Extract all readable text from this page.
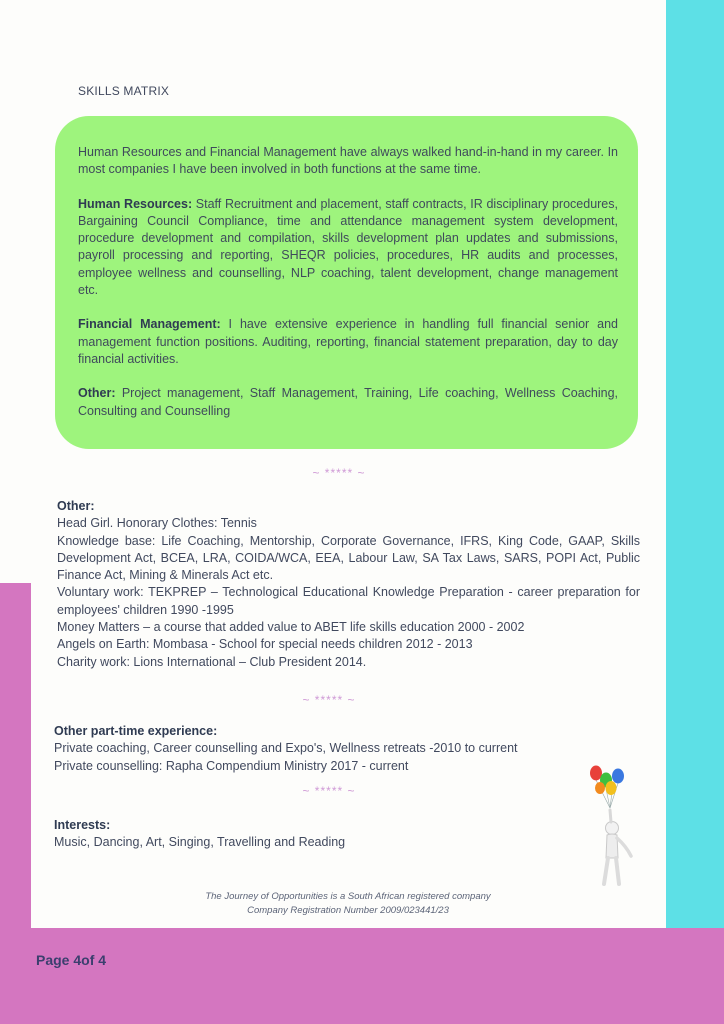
Page 4of 4
SKILLS MATRIX

Human Resources and Financial Management have always walked hand-in-hand in my career. In most companies I have been involved in both functions at the same time.

Human Resources: Staff Recruitment and placement, staff contracts, IR disciplinary procedures, Bargaining Council Compliance, time and attendance management system development, procedure development and compilation, skills development plan updates and submissions, payroll processing and reporting, SHEQR policies, procedures, HR audits and processes, employee wellness and counselling, NLP coaching, talent development, change management etc.

Financial Management: I have extensive experience in handling full financial senior and management function positions. Auditing, reporting, financial statement preparation, day to day financial activities.

Other: Project management, Staff Management, Training, Life coaching, Wellness Coaching, Consulting and Counselling

~ ***** ~
Other:
Head Girl. Honorary Clothes: Tennis
Knowledge base: Life Coaching, Mentorship, Corporate Governance, IFRS, King Code, GAAP, Skills Development Act, BCEA, LRA, COIDA/WCA, EEA, Labour Law, SA Tax Laws, SARS, POPI Act, Public Finance Act, Mining & Minerals Act etc.
Voluntary work: TEKPREP – Technological Educational Knowledge Preparation - career preparation for employees' children 1990 -1995
Money Matters – a course that added value to ABET life skills education 2000 - 2002
Angels on Earth: Mombasa - School for special needs children 2012 - 2013
Charity work: Lions International – Club President 2014.
~ ***** ~
Other part-time experience:
Private coaching, Career counselling and Expo's, Wellness retreats -2010 to current
Private counselling: Rapha Compendium Ministry 2017 - current
~ ***** ~
Interests:
Music, Dancing, Art, Singing, Travelling and Reading
The Journey of Opportunities is a South African registered company
Company Registration Number 2009/023441/23
